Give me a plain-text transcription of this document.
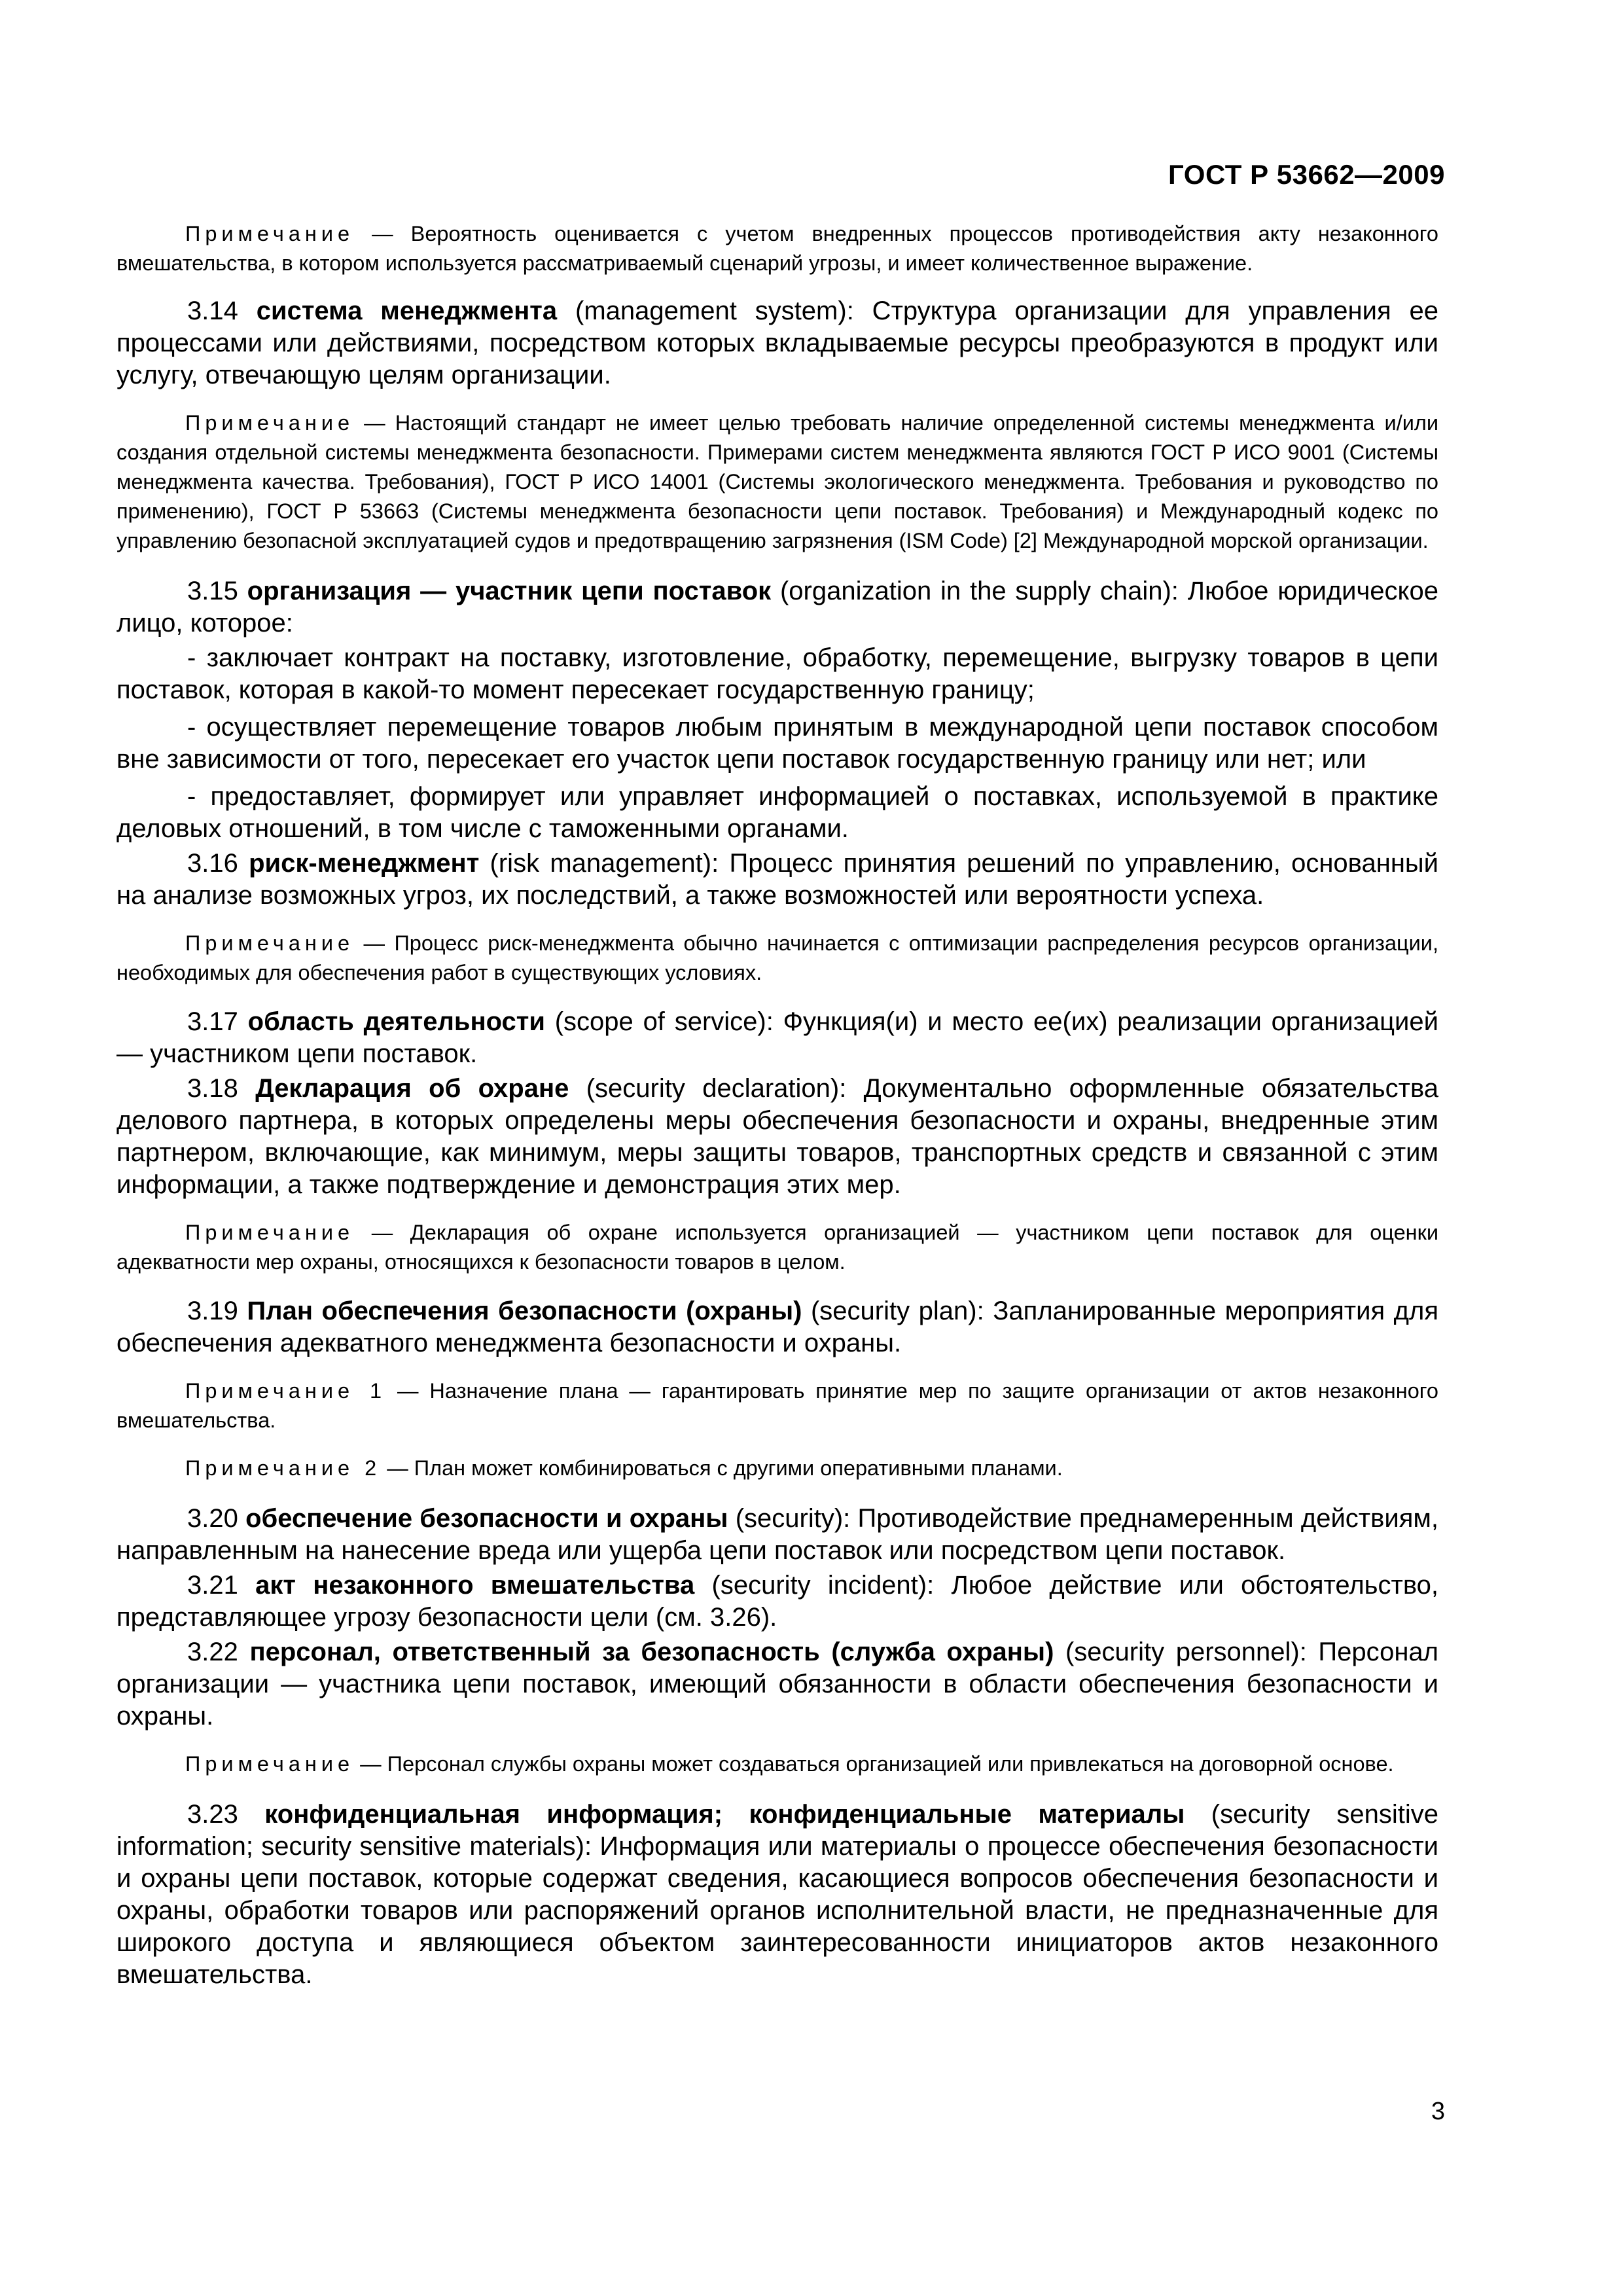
ГОСТ Р 53662—2009

Примечание — Вероятность оценивается с учетом внедренных процессов противодействия акту незаконного вмешательства, в котором используется рассматриваемый сценарий угрозы, и имеет количественное выражение.

3.14 система менеджмента (management system): Структура организации для управления ее процессами или действиями, посредством которых вкладываемые ресурсы преобразуются в продукт или услугу, отвечающую целям организации.

Примечание — Настоящий стандарт не имеет целью требовать наличие определенной системы менеджмента и/или создания отдельной системы менеджмента безопасности. Примерами систем менеджмента являются ГОСТ Р ИСО 9001 (Системы менеджмента качества. Требования), ГОСТ Р ИСО 14001 (Системы экологического менеджмента. Требования и руководство по применению), ГОСТ Р 53663 (Системы менеджмента безопасности цепи поставок. Требования) и Международный кодекс по управлению безопасной эксплуатацией судов и предотвращению загрязнения (ISM Code) [2] Международной морской организации.

3.15 организация — участник цепи поставок (organization in the supply chain): Любое юридическое лицо, которое:

- заключает контракт на поставку, изготовление, обработку, перемещение, выгрузку товаров в цепи поставок, которая в какой-то момент пересекает государственную границу;

- осуществляет перемещение товаров любым принятым в международной цепи поставок способом вне зависимости от того, пересекает его участок цепи поставок государственную границу или нет; или

- предоставляет, формирует или управляет информацией о поставках, используемой в практике деловых отношений, в том числе с таможенными органами.

3.16 риск-менеджмент (risk management): Процесс принятия решений по управлению, основанный на анализе возможных угроз, их последствий, а также возможностей или вероятности успеха.

Примечание — Процесс риск-менеджмента обычно начинается с оптимизации распределения ресурсов организации, необходимых для обеспечения работ в существующих условиях.

3.17 область деятельности (scope of service): Функция(и) и место ее(их) реализации организацией — участником цепи поставок.

3.18 Декларация об охране (security declaration): Документально оформленные обязательства делового партнера, в которых определены меры обеспечения безопасности и охраны, внедренные этим партнером, включающие, как минимум, меры защиты товаров, транспортных средств и связанной с этим информации, а также подтверждение и демонстрация этих мер.

Примечание — Декларация об охране используется организацией — участником цепи поставок для оценки адекватности мер охраны, относящихся к безопасности товаров в целом.

3.19 План обеспечения безопасности (охраны) (security plan): Запланированные мероприятия для обеспечения адекватного менеджмента безопасности и охраны.

Примечание 1 — Назначение плана — гарантировать принятие мер по защите организации от актов незаконного вмешательства.

Примечание 2 — План может комбинироваться с другими оперативными планами.

3.20 обеспечение безопасности и охраны (security): Противодействие преднамеренным действиям, направленным на нанесение вреда или ущерба цепи поставок или посредством цепи поставок.

3.21 акт незаконного вмешательства (security incident): Любое действие или обстоятельство, представляющее угрозу безопасности цели (см. 3.26).

3.22 персонал, ответственный за безопасность (служба охраны) (security personnel): Персонал организации — участника цепи поставок, имеющий обязанности в области обеспечения безопасности и охраны.

Примечание — Персонал службы охраны может создаваться организацией или привлекаться на договорной основе.

3.23 конфиденциальная информация; конфиденциальные материалы (security sensitive information; security sensitive materials): Информация или материалы о процессе обеспечения безопасности и охраны цепи поставок, которые содержат сведения, касающиеся вопросов обеспечения безопасности и охраны, обработки товаров или распоряжений органов исполнительной власти, не предназначенные для широкого доступа и являющиеся объектом заинтересованности инициаторов актов незаконного вмешательства.

3
